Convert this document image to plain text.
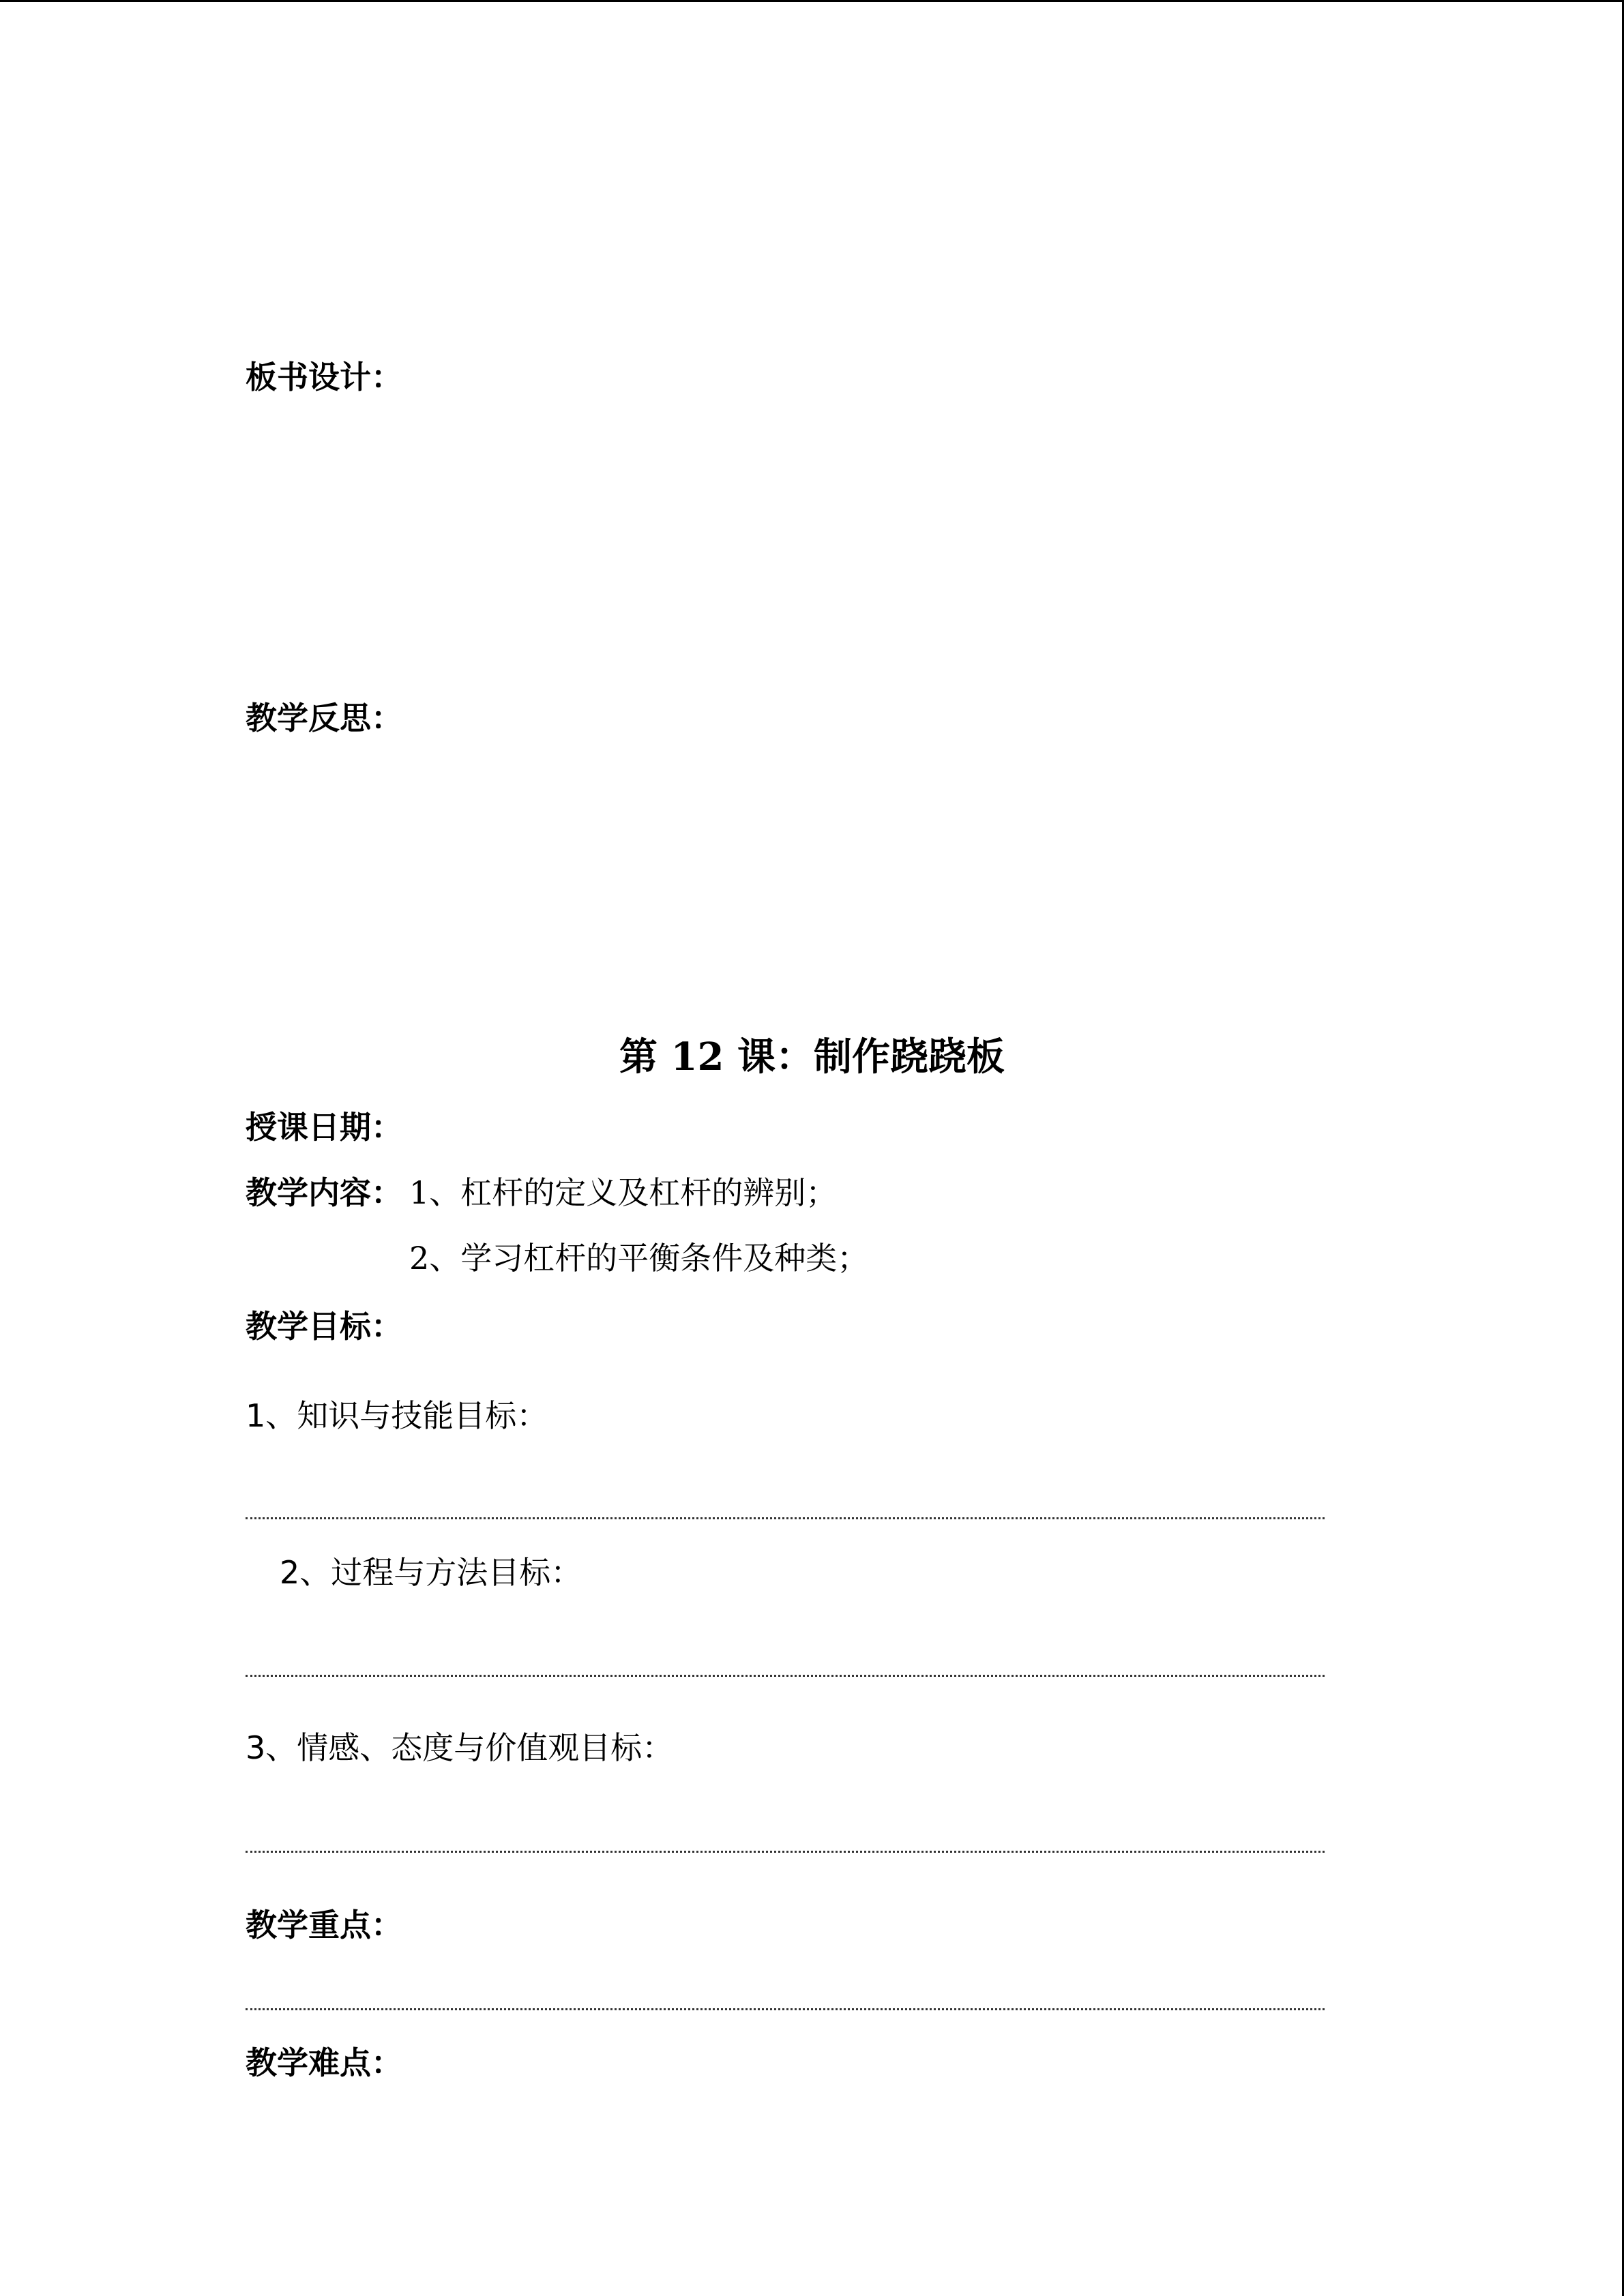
板书设计：
教学反思：
第 12 课：制作跷跷板
授课日期：
教学内容： 1、杠杆的定义及杠杆的辨别；
2、学习杠杆的平衡条件及种类；
教学目标：
1、知识与技能目标：
2、过程与方法目标：
3、情感、态度与价值观目标：
教学重点：
教学难点：
